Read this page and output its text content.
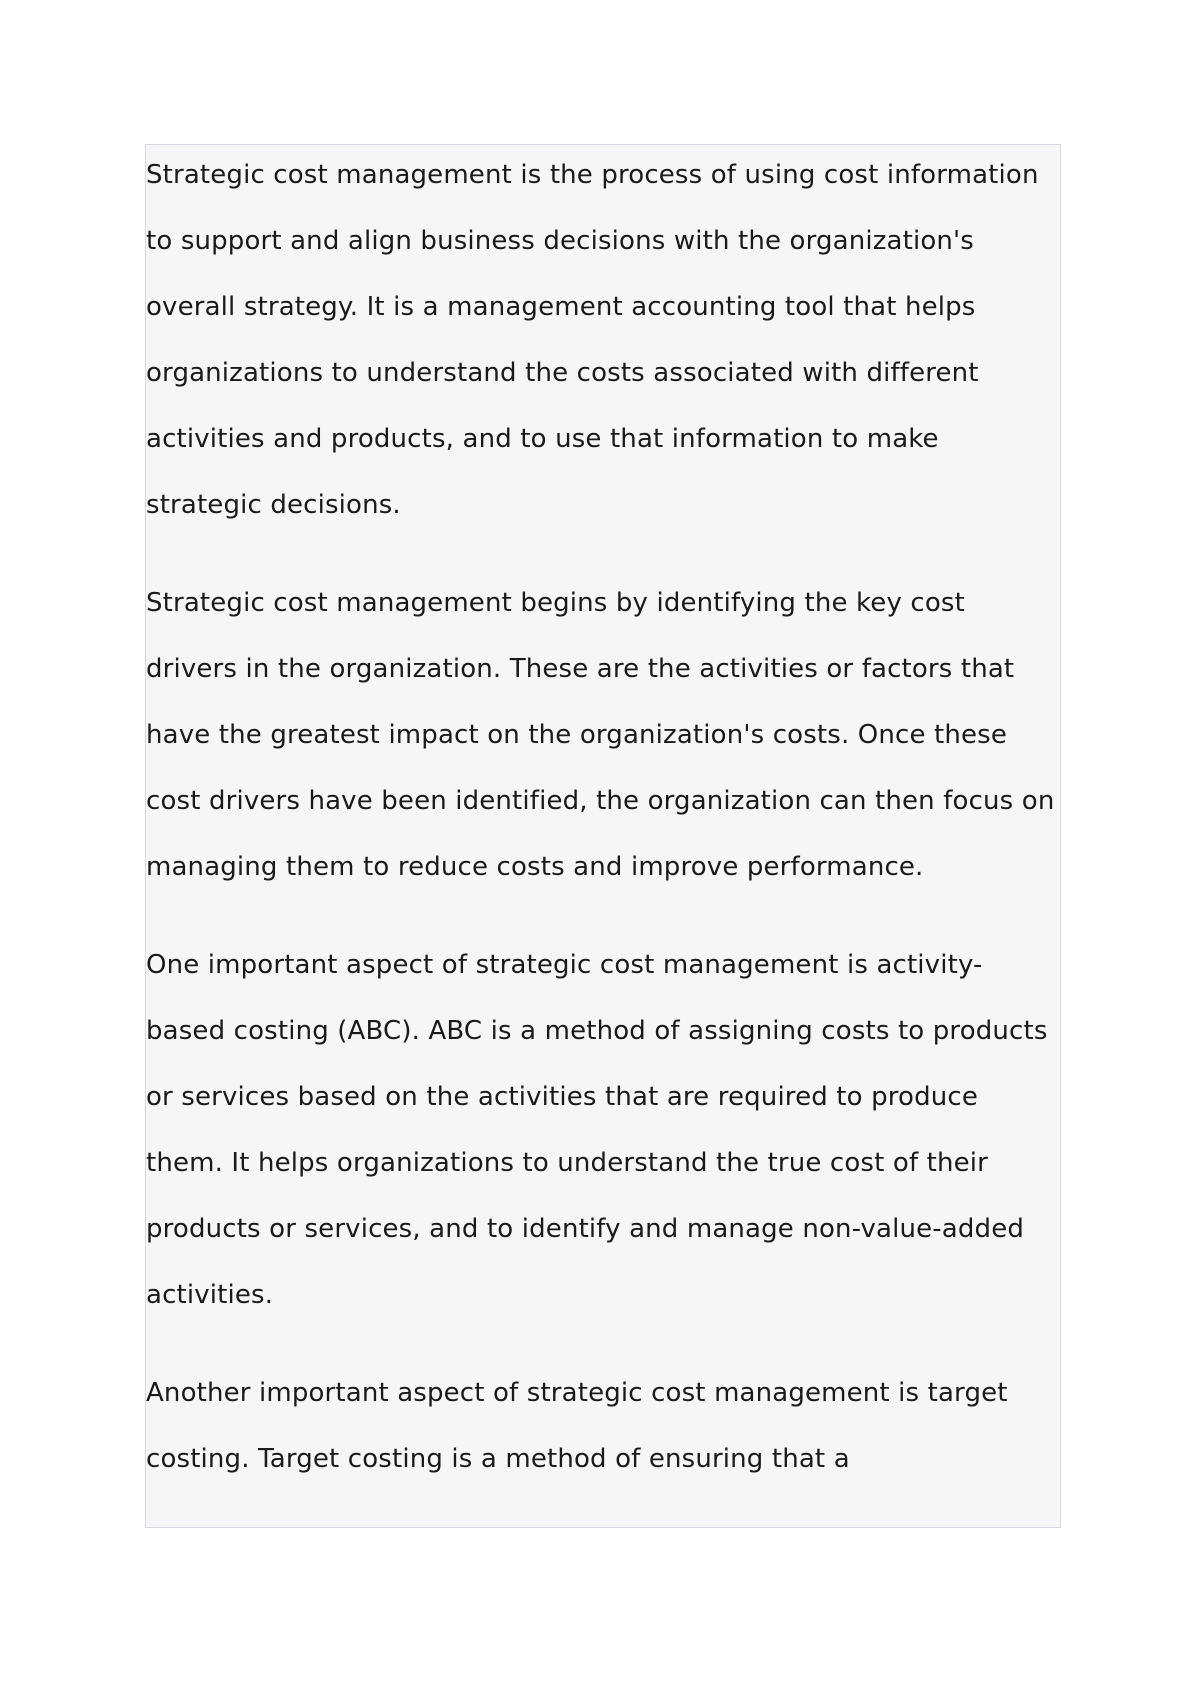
Strategic cost management is the process of using cost information to support and align business decisions with the organization's overall strategy. It is a management accounting tool that helps organizations to understand the costs associated with different activities and products, and to use that information to make strategic decisions.

Strategic cost management begins by identifying the key cost drivers in the organization. These are the activities or factors that have the greatest impact on the organization's costs. Once these cost drivers have been identified, the organization can then focus on managing them to reduce costs and improve performance.

One important aspect of strategic cost management is activity-based costing (ABC). ABC is a method of assigning costs to products or services based on the activities that are required to produce them. It helps organizations to understand the true cost of their products or services, and to identify and manage non-value-added activities.

Another important aspect of strategic cost management is target costing. Target costing is a method of ensuring that a
